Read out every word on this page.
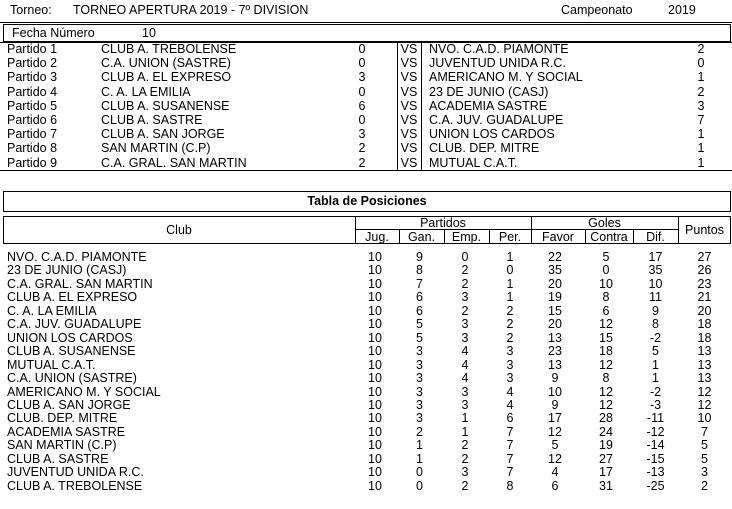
Torneo: TORNEO APERTURA 2019 - 7º DIVISION	Campeonato	2019
Fecha Número	10
Partido 1	CLUB A. TREBOLENSE	0	VS NVO. C.A.D. PIAMONTE	2
Partido 2	C.A. UNION (SASTRE)	0	VS JUVENTUD UNIDA R.C.	0
Partido 3	CLUB A. EL EXPRESO	3	VS AMERICANO M. Y SOCIAL	1
Partido 4	C. A. LA EMILIA	0	VS 23 DE JUNIO (CASJ)	2
Partido 5	CLUB A. SUSANENSE	6	VS ACADEMIA SASTRE	3
Partido 6	CLUB A. SASTRE	0	VS C.A. JUV. GUADALUPE	7
Partido 7	CLUB A. SAN JORGE	3	VS UNION LOS CARDOS	1
Partido 8	SAN MARTIN (C.P)	2	VS CLUB. DEP. MITRE	1
Partido 9	C.A. GRAL. SAN MARTIN	2	VS MUTUAL C.A.T.	1
Tabla de Posiciones
Club	Partidos	Goles	Puntos
Jug.	Gan.	Emp.	Per.	Favor	Contra	Dif.
NVO. C.A.D. PIAMONTE	10	9	0	1	22	5	17	27
23 DE JUNIO (CASJ)	10	8	2	0	35	0	35	26
C.A. GRAL. SAN MARTIN	10	7	2	1	20	10	10	23
CLUB A. EL EXPRESO	10	6	3	1	19	8	11	21
C. A. LA EMILIA	10	6	2	2	15	6	9	20
C.A. JUV. GUADALUPE	10	5	3	2	20	12	8	18
UNION LOS CARDOS	10	5	3	2	13	15	-2	18
CLUB A. SUSANENSE	10	3	4	3	23	18	5	13
MUTUAL C.A.T.	10	3	4	3	13	12	1	13
C.A. UNION (SASTRE)	10	3	4	3	9	8	1	13
AMERICANO M. Y SOCIAL	10	3	3	4	10	12	-2	12
CLUB A. SAN JORGE	10	3	3	4	9	12	-3	12
CLUB. DEP. MITRE	10	3	1	6	17	28	-11	10
ACADEMIA SASTRE	10	2	1	7	12	24	-12	7
SAN MARTIN (C.P)	10	1	2	7	5	19	-14	5
CLUB A. SASTRE	10	1	2	7	12	27	-15	5
JUVENTUD UNIDA R.C.	10	0	3	7	4	17	-13	3
CLUB A. TREBOLENSE	10	0	2	8	6	31	-25	2
